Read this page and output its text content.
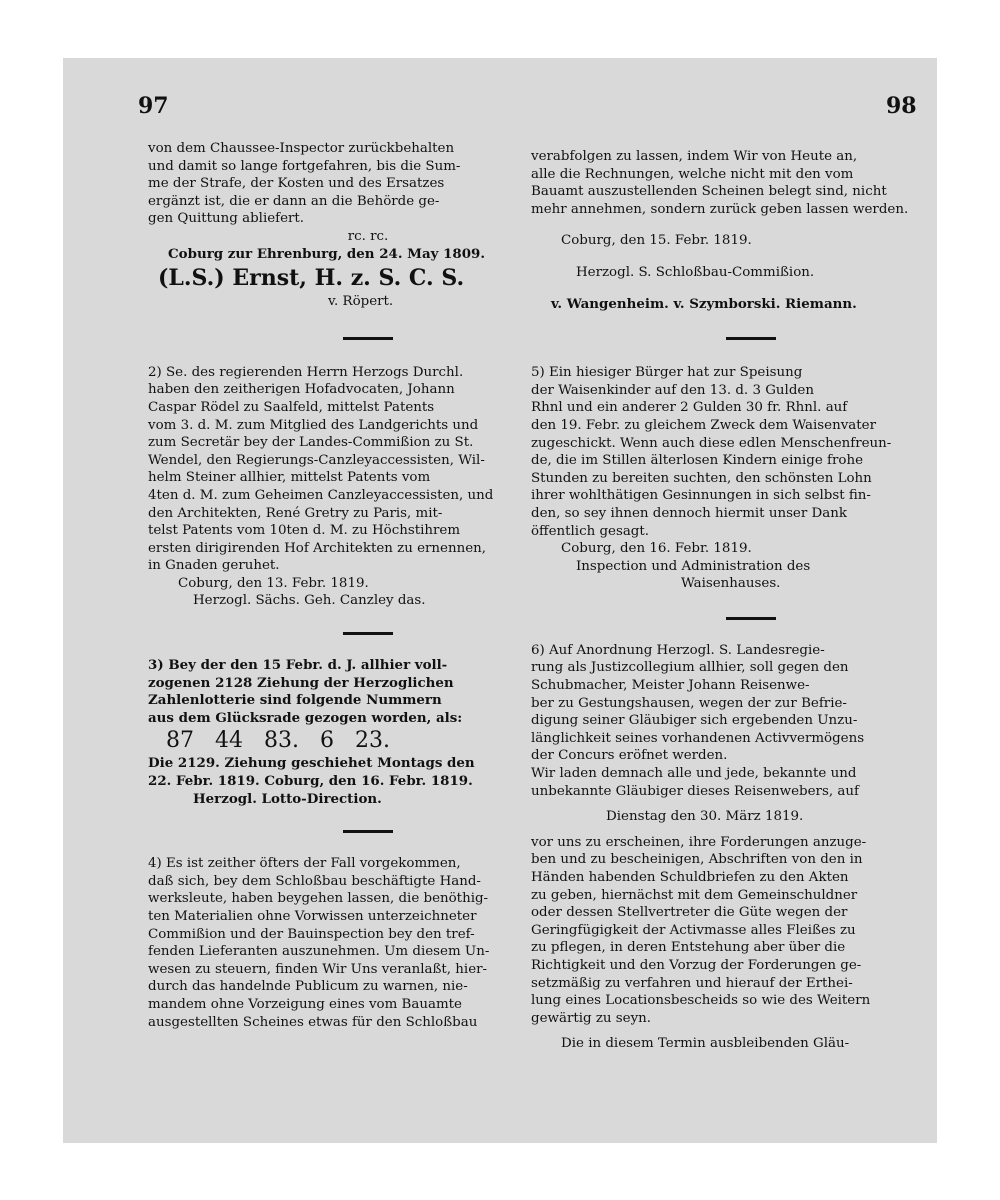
97	98
von dem Chaussee-Inspector zurückbehalten
und damit so lange fortgefahren, bis die Sum-
me der Strafe, der Kosten und des Ersatzes
ergänzt ist, die er dann an die Behörde ge-
gen Quittung abliefert.
rc. rc.
Coburg zur Ehrenburg, den 24. May 1809.
(L.S.) Ernst, H. z. S. C. S.
v. Röpert.
2) Se. des regierenden Herrn Herzogs Durchl.
haben den zeitherigen Hofadvocaten, Johann
Caspar Rödel zu Saalfeld, mittelst Patents
vom 3. d. M. zum Mitglied des Landgerichts und
zum Secretär bey der Landes-Commißion zu St.
Wendel, den Regierungs-Canzleyaccessisten, Wil-
helm Steiner allhier, mittelst Patents vom
4ten d. M. zum Geheimen Canzleyaccessisten, und
den Architekten, René Gretry zu Paris, mit-
telst Patents vom 10ten d. M. zu Höchstihrem
ersten dirigirenden Hof Architekten zu ernennen,
in Gnaden geruhet.
Coburg, den 13. Febr. 1819.
Herzogl. Sächs. Geh. Canzley das.
3) Bey der den 15 Febr. d. J. allhier voll-
zogenen 2128 Ziehung der Herzoglichen
Zahlenlotterie sind folgende Nummern
aus dem Glücksrade gezogen worden, als:
87 44 83. 6 23.
Die 2129. Ziehung geschiehet Montags den
22. Febr. 1819. Coburg, den 16. Febr. 1819.
Herzogl. Lotto-Direction.
4) Es ist zeither öfters der Fall vorgekommen,
daß sich, bey dem Schloßbau beschäftigte Hand-
werksleute, haben beygehen lassen, die benöthig-
ten Materialien ohne Vorwissen unterzeichneter
Commißion und der Bauinspection bey den tref-
fenden Lieferanten auszunehmen. Um diesem Un-
wesen zu steuern, finden Wir Uns veranlaßt, hier-
durch das handelnde Publicum zu warnen, nie-
mandem ohne Vorzeigung eines vom Bauamte
ausgestellten Scheines etwas für den Schloßbau
verabfolgen zu lassen, indem Wir von Heute an,
alle die Rechnungen, welche nicht mit den vom
Bauamt auszustellenden Scheinen belegt sind, nicht
mehr annehmen, sondern zurück geben lassen werden.
Coburg, den 15. Febr. 1819.
Herzogl. S. Schloßbau-Commißion.
v. Wangenheim. v. Szymborski. Riemann.
5) Ein hiesiger Bürger hat zur Speisung
der Waisenkinder auf den 13. d. 3 Gulden
Rhnl und ein anderer 2 Gulden 30 fr. Rhnl. auf
den 19. Febr. zu gleichem Zweck dem Waisenvater
zugeschickt. Wenn auch diese edlen Menschenfreun-
de, die im Stillen älterlosen Kindern einige frohe
Stunden zu bereiten suchten, den schönsten Lohn
ihrer wohlthätigen Gesinnungen in sich selbst fin-
den, so sey ihnen dennoch hiermit unser Dank
öffentlich gesagt.
Coburg, den 16. Febr. 1819.
Inspection und Administration des
Waisenhauses.
6) Auf Anordnung Herzogl. S. Landesregie-
rung als Justizcollegium allhier, soll gegen den
Schubmacher, Meister Johann Reisenwe-
ber zu Gestungshausen, wegen der zur Befrie-
digung seiner Gläubiger sich ergebenden Unzu-
länglichkeit seines vorhandenen Activvermögens
der Concurs eröfnet werden.
Wir laden demnach alle und jede, bekannte und
unbekannte Gläubiger dieses Reisenwebers, auf
Dienstag den 30. März 1819.
vor uns zu erscheinen, ihre Forderungen anzuge-
ben und zu bescheinigen, Abschriften von den in
Händen habenden Schuldbriefen zu den Akten
zu geben, hiernächst mit dem Gemeinschuldner
oder dessen Stellvertreter die Güte wegen der
Geringfügigkeit der Activmasse alles Fleißes zu
zu pflegen, in deren Entstehung aber über die
Richtigkeit und den Vorzug der Forderungen ge-
setzmäßig zu verfahren und hierauf der Erthei-
lung eines Locationsbescheids so wie des Weitern
gewärtig zu seyn.
Die in diesem Termin ausbleibenden Gläu-
